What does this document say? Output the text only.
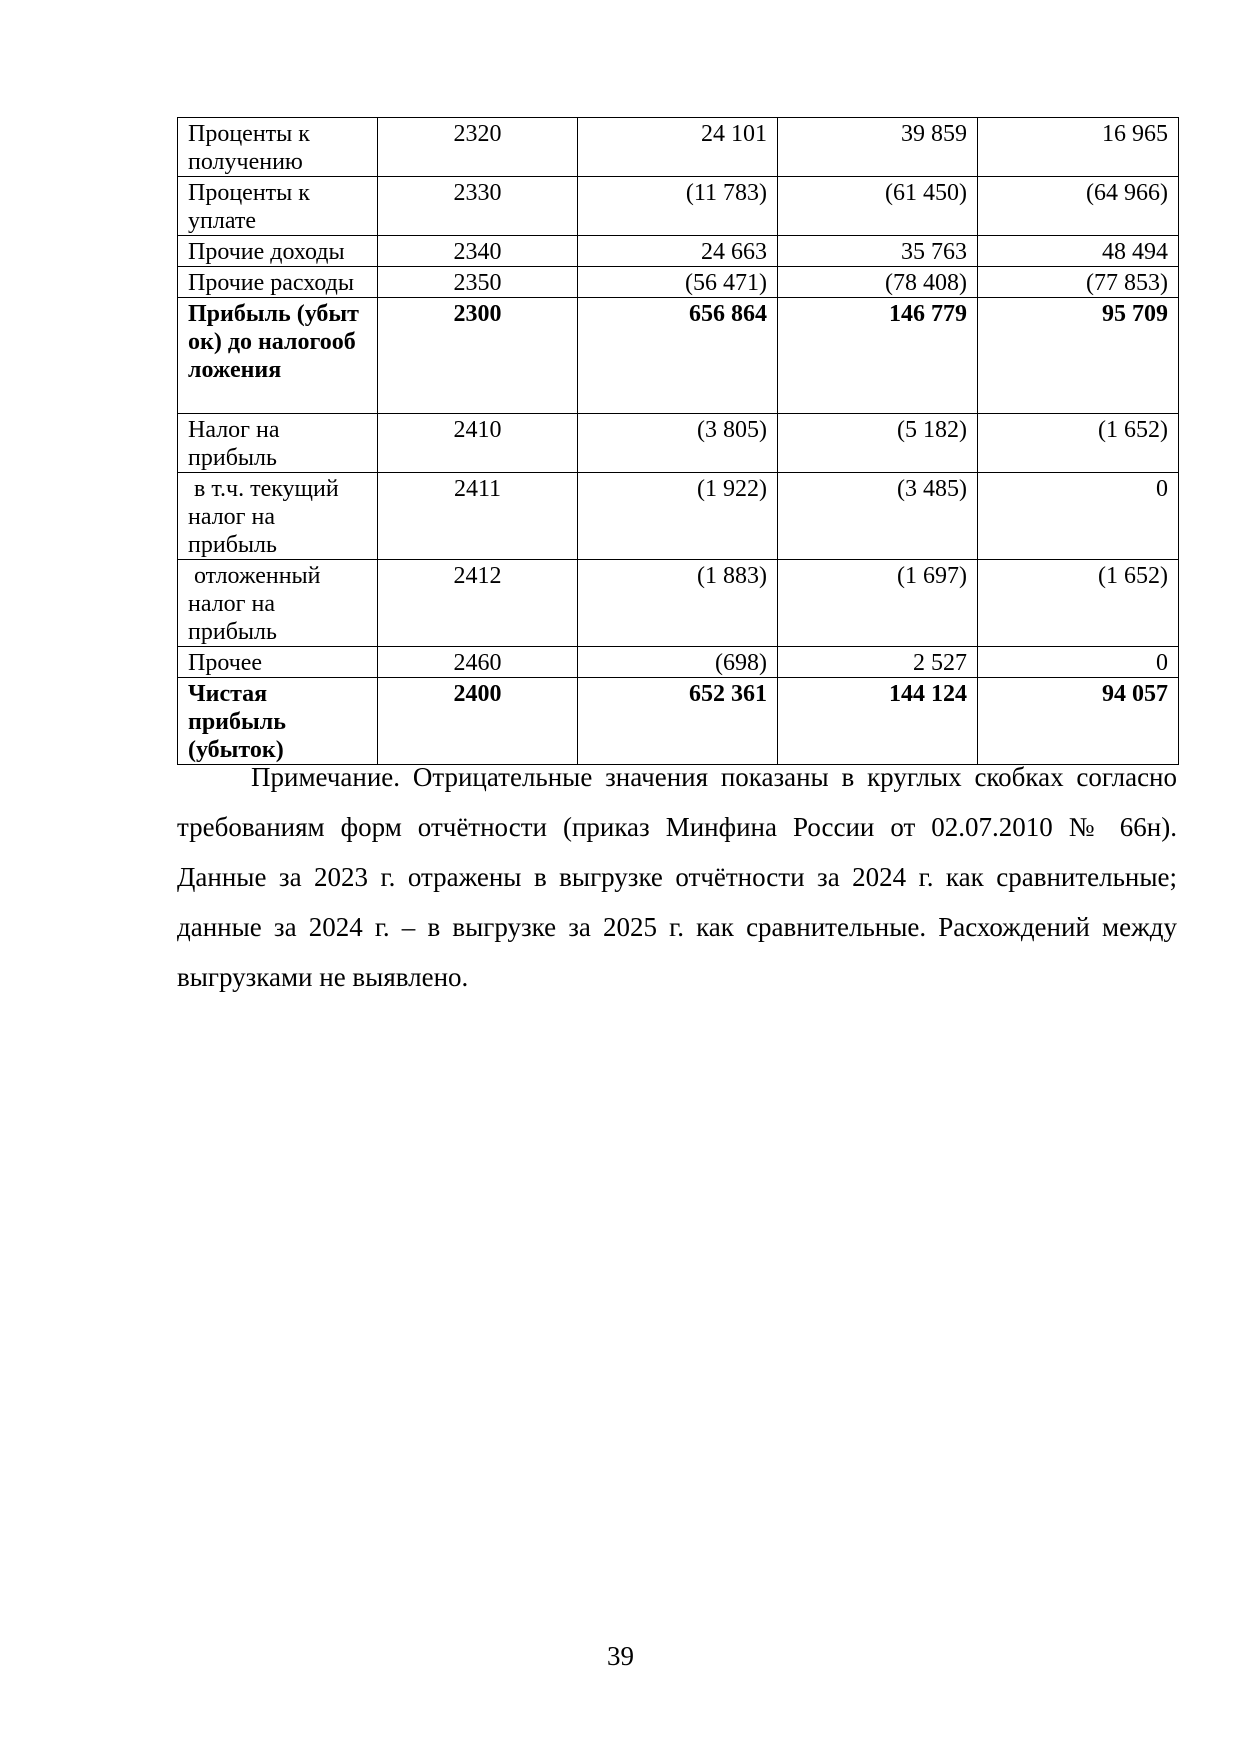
Проценты к получению	2320	24 101	39 859	16 965
Проценты к уплате	2330	(11 783)	(61 450)	(64 966)
Прочие доходы	2340	24 663	35 763	48 494
Прочие расходы	2350	(56 471)	(78 408)	(77 853)
Прибыль (убыток) до налогообложения	2300	656 864	146 779	95 709
Налог на прибыль	2410	(3 805)	(5 182)	(1 652)
в т.ч. текущий налог на прибыль	2411	(1 922)	(3 485)	0
отложенный налог на прибыль	2412	(1 883)	(1 697)	(1 652)
Прочее	2460	(698)	2 527	0
Чистая прибыль (убыток)	2400	652 361	144 124	94 057

Примечание. Отрицательные значения показаны в круглых скобках согласно требованиям форм отчётности (приказ Минфина России от 02.07.2010 № 66н). Данные за 2023 г. отражены в выгрузке отчётности за 2024 г. как сравнительные; данные за 2024 г. – в выгрузке за 2025 г. как сравнительные. Расхождений между выгрузками не выявлено.

39
